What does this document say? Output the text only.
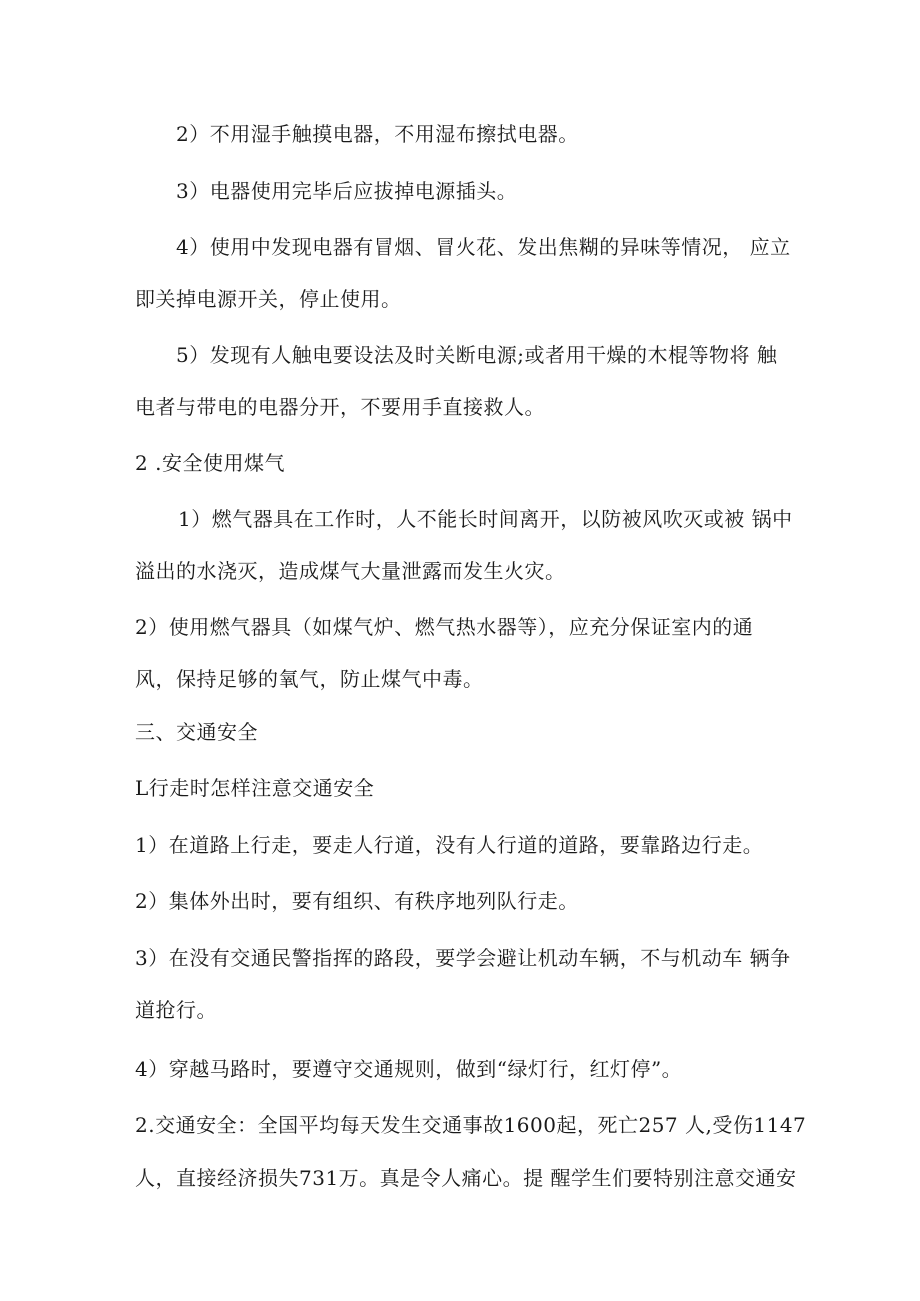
2）不用湿手触摸电器，不用湿布擦拭电器。
3）电器使用完毕后应拔掉电源插头。
4）使用中发现电器有冒烟、冒火花、发出焦糊的异味等情况， 应立
即关掉电源开关，停止使用。
5）发现有人触电要设法及时关断电源;或者用干燥的木棍等物将 触
电者与带电的电器分开，不要用手直接救人。
2 .安全使用煤气
1）燃气器具在工作时，人不能长时间离开，以防被风吹灭或被 锅中
溢出的水浇灭，造成煤气大量泄露而发生火灾。
2）使用燃气器具（如煤气炉、燃气热水器等），应充分保证室内的通
风，保持足够的氧气，防止煤气中毒。
三、交通安全
L行走时怎样注意交通安全
1）在道路上行走，要走人行道，没有人行道的道路，要靠路边行走。
2）集体外出时，要有组织、有秩序地列队行走。
3）在没有交通民警指挥的路段，要学会避让机动车辆，不与机动车 辆争
道抢行。
4）穿越马路时，要遵守交通规则，做到“绿灯行，红灯停”。
2.交通安全：全国平均每天发生交通事故1600起，死亡257 人,受伤1147
人，直接经济损失731万。真是令人痛心。提 醒学生们要特别注意交通安
